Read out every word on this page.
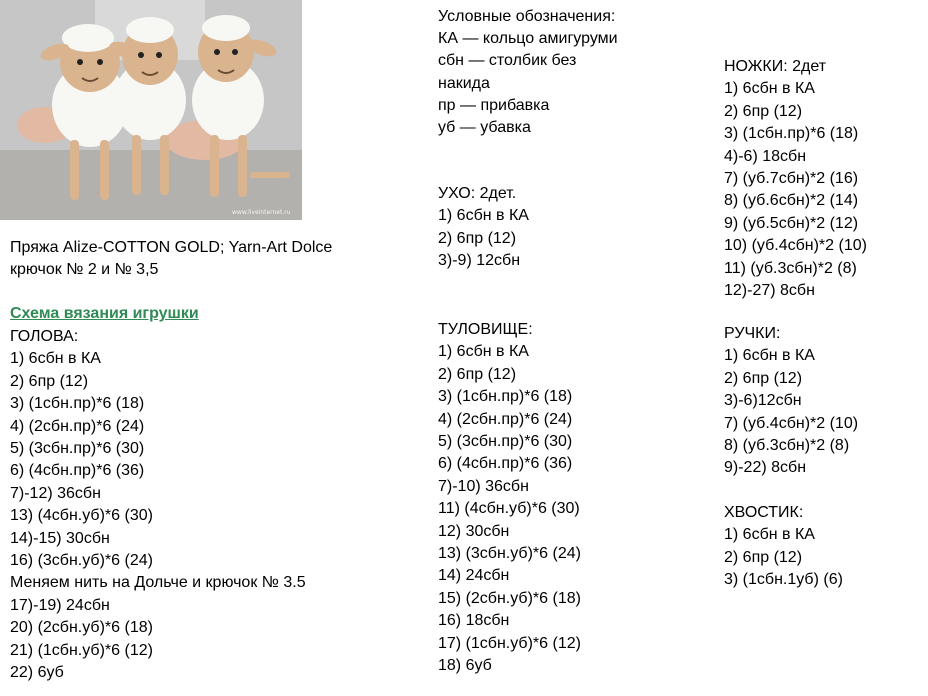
www.liveinternet.ru
Пряжа Alize-COTTON GOLD; Yarn-Art Dolce
крючок № 2 и № 3,5
Схема вязания игрушки
ГОЛОВА:
1) 6сбн в КА
2) 6пр (12)
3) (1сбн.пр)*6 (18)
4) (2сбн.пр)*6 (24)
5) (3сбн.пр)*6 (30)
6) (4сбн.пр)*6 (36)
7)-12) 36сбн
13) (4сбн.уб)*6 (30)
14)-15) 30сбн
16) (3сбн.уб)*6 (24)
Меняем нить на Дольче и крючок № 3.5
17)-19) 24сбн
20) (2сбн.уб)*6 (18)
21) (1сбн.уб)*6 (12)
22) 6уб
Условные обозначения:
КА — кольцо амигуруми
сбн — столбик без
накида
пр — прибавка
уб — убавка
УХО: 2дет.
1) 6сбн в КА
2) 6пр (12)
3)-9) 12сбн
ТУЛОВИЩЕ:
1) 6сбн в КА
2) 6пр (12)
3) (1сбн.пр)*6 (18)
4) (2сбн.пр)*6 (24)
5) (3сбн.пр)*6 (30)
6) (4сбн.пр)*6 (36)
7)-10) 36сбн
11) (4сбн.уб)*6 (30)
12) 30сбн
13) (3сбн.уб)*6 (24)
14) 24сбн
15) (2сбн.уб)*6 (18)
16) 18сбн
17) (1сбн.уб)*6 (12)
18) 6уб
НОЖКИ: 2дет
1) 6сбн в КА
2) 6пр (12)
3) (1сбн.пр)*6 (18)
4)-6) 18сбн
7) (уб.7сбн)*2 (16)
8) (уб.6сбн)*2 (14)
9) (уб.5сбн)*2 (12)
10) (уб.4сбн)*2 (10)
11) (уб.3сбн)*2 (8)
12)-27) 8сбн
РУЧКИ:
1) 6сбн в КА
2) 6пр (12)
3)-6)12сбн
7) (уб.4сбн)*2 (10)
8) (уб.3сбн)*2 (8)
9)-22) 8сбн
ХВОСТИК:
1) 6сбн в КА
2) 6пр (12)
3) (1сбн.1уб) (6)
